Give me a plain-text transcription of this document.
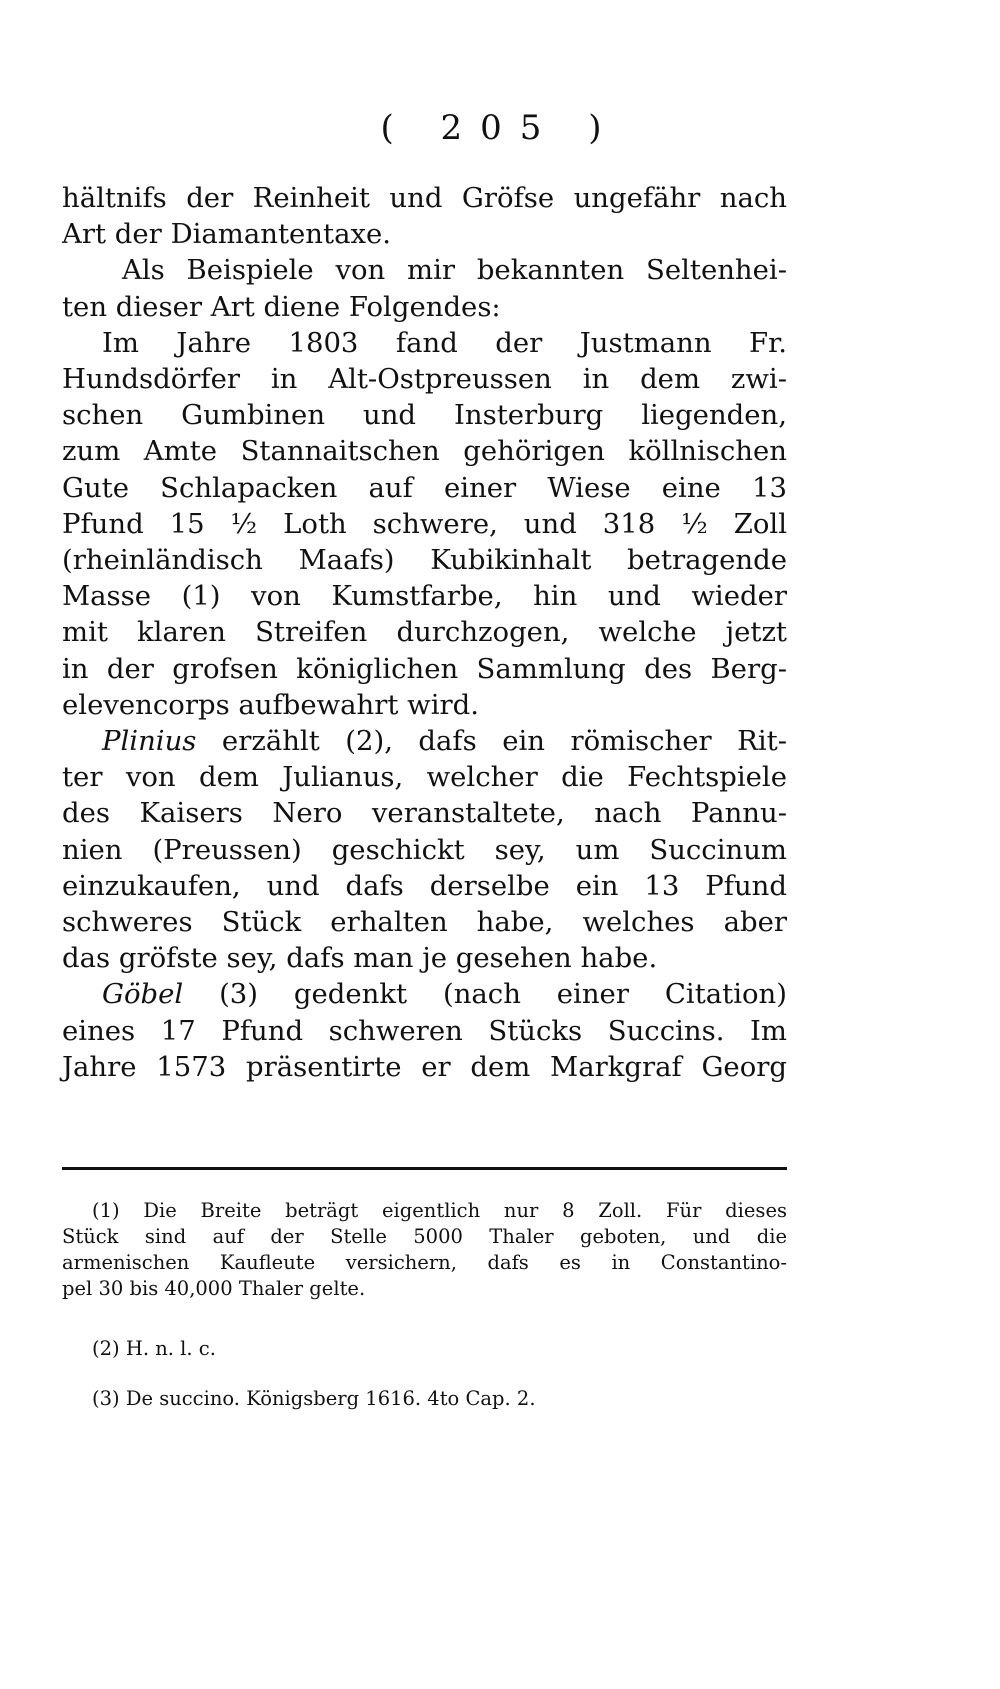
( 205 )
hältnifs der Reinheit und Gröfse ungefähr nach
Art der Diamantentaxe.
Als Beispiele von mir bekannten Seltenhei-
ten dieser Art diene Folgendes:
Im Jahre 1803 fand der Justmann Fr.
Hundsdörfer in Alt-Ostpreussen in dem zwi-
schen Gumbinen und Insterburg liegenden,
zum Amte Stannaitschen gehörigen köllnischen
Gute Schlapacken auf einer Wiese eine 13
Pfund 15 ½ Loth schwere, und 318 ½ Zoll
(rheinländisch Maafs) Kubikinhalt betragende
Masse (1) von Kumstfarbe, hin und wieder
mit klaren Streifen durchzogen, welche jetzt
in der grofsen königlichen Sammlung des Berg-
elevencorps aufbewahrt wird.
Plinius erzählt (2), dafs ein römischer Rit-
ter von dem Julianus, welcher die Fechtspiele
des Kaisers Nero veranstaltete, nach Pannu-
nien (Preussen) geschickt sey, um Succinum
einzukaufen, und dafs derselbe ein 13 Pfund
schweres Stück erhalten habe, welches aber
das gröfste sey, dafs man je gesehen habe.
Göbel (3) gedenkt (nach einer Citation)
eines 17 Pfund schweren Stücks Succins. Im
Jahre 1573 präsentirte er dem Markgraf Georg
(1) Die Breite beträgt eigentlich nur 8 Zoll. Für dieses
Stück sind auf der Stelle 5000 Thaler geboten, und die
armenischen Kaufleute versichern, dafs es in Constantino-
pel 30 bis 40,000 Thaler gelte.
(2) H. n. l. c.
(3) De succino. Königsberg 1616. 4to Cap. 2.
